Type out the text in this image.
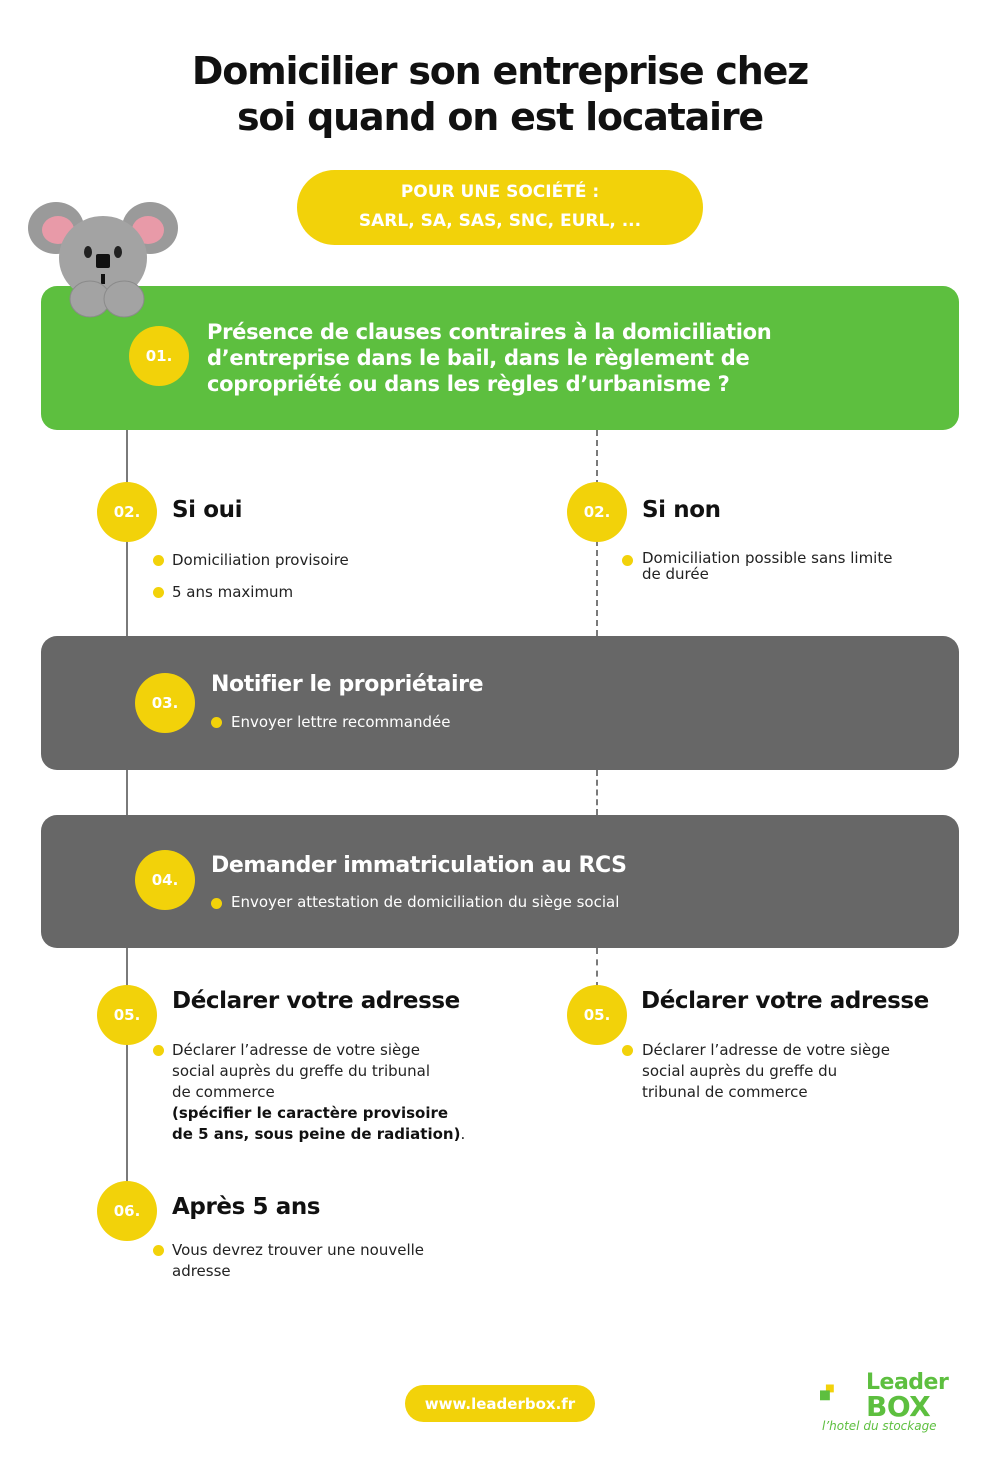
Domicilier son entreprise chez
soi quand on est locataire
POUR UNE SOCIÉTÉ :
SARL, SA, SAS, SNC, EURL, ...
01.
Présence de clauses contraires à la domiciliation
d’entreprise dans le bail, dans le règlement de
copropriété ou dans les règles d’urbanisme ?
02.	Si oui
Domiciliation provisoire
5 ans maximum
02.	Si non
Domiciliation possible sans limite
de durée
03.
Notifier le propriétaire
Envoyer lettre recommandée
04.
Demander immatriculation au RCS
Envoyer attestation de domiciliation du siège social
05.
Déclarer votre adresse
Déclarer l’adresse de votre siège
social auprès du greffe du tribunal
de commerce
(spécifier le caractère provisoire
de 5 ans, sous peine de radiation).
05.
Déclarer votre adresse
Déclarer l’adresse de votre siège
social auprès du greffe du
tribunal de commerce
06.	Après 5 ans
Vous devrez trouver une nouvelle
adresse
www.leaderbox.fr
Leader
BOX
l’hotel du stockage
